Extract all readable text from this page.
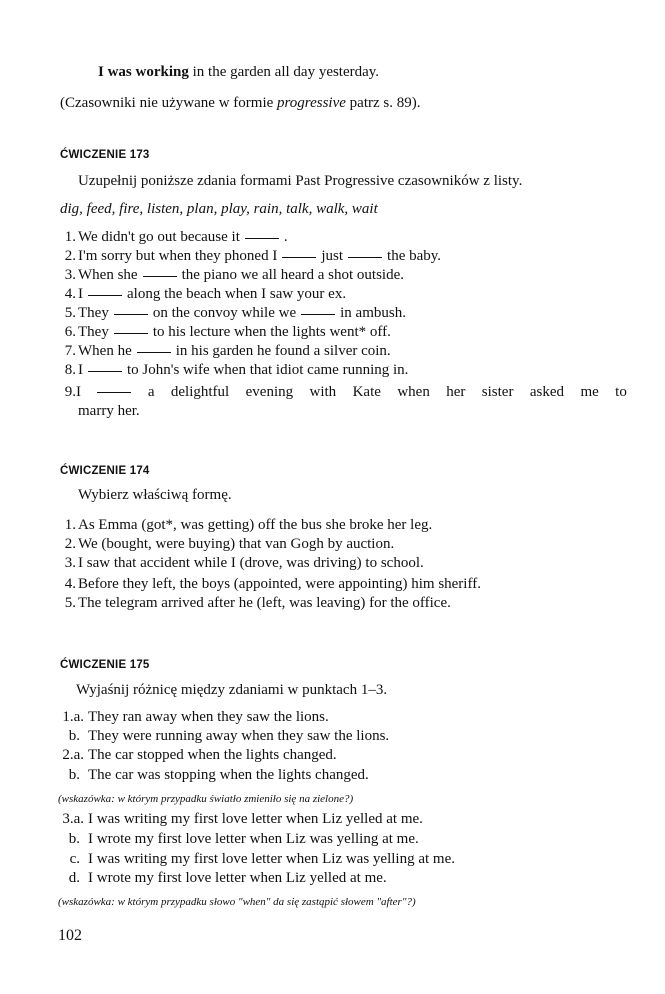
I was working in the garden all day yesterday.
(Czasowniki nie używane w formie progressive patrz s. 89).
ĆWICZENIE 173
Uzupełnij poniższe zdania formami Past Progressive czasowników z listy.
dig, feed, fire, listen, plan, play, rain, talk, walk, wait
1. We didn't go out because it	.
2. I'm sorry but when they phoned I	just	the baby.
3. When she	the piano we all heard a shot outside.
4. I	along the beach when I saw your ex.
5. They	on the convoy while we	in ambush.
6. They	to his lecture when the lights went* off.
7. When he	in his garden he found a silver coin.
8. I	to John's wife when that idiot came running in.
9. I	a delightful evening with Kate when her sister asked me to
marry her.
ĆWICZENIE 174
Wybierz właściwą formę.
1. As Emma (got*, was getting) off the bus she broke her leg.
2. We (bought, were buying) that van Gogh by auction.
3. I saw that accident while I (drove, was driving) to school.
4. Before they left, the boys (appointed, were appointing) him sheriff.
5. The telegram arrived after he (left, was leaving) for the office.
ĆWICZENIE 175
Wyjaśnij różnicę między zdaniami w punktach 1–3.
1.a. They ran away when they saw the lions.
b. They were running away when they saw the lions.
2.a. The car stopped when the lights changed.
b. The car was stopping when the lights changed.
(wskazówka: w którym przypadku światło zmieniło się na zielone?)
3.a. I was writing my first love letter when Liz yelled at me.
b. I wrote my first love letter when Liz was yelling at me.
c. I was writing my first love letter when Liz was yelling at me.
d. I wrote my first love letter when Liz yelled at me.
(wskazówka: w którym przypadku słowo "when" da się zastąpić słowem "after"?)
102
